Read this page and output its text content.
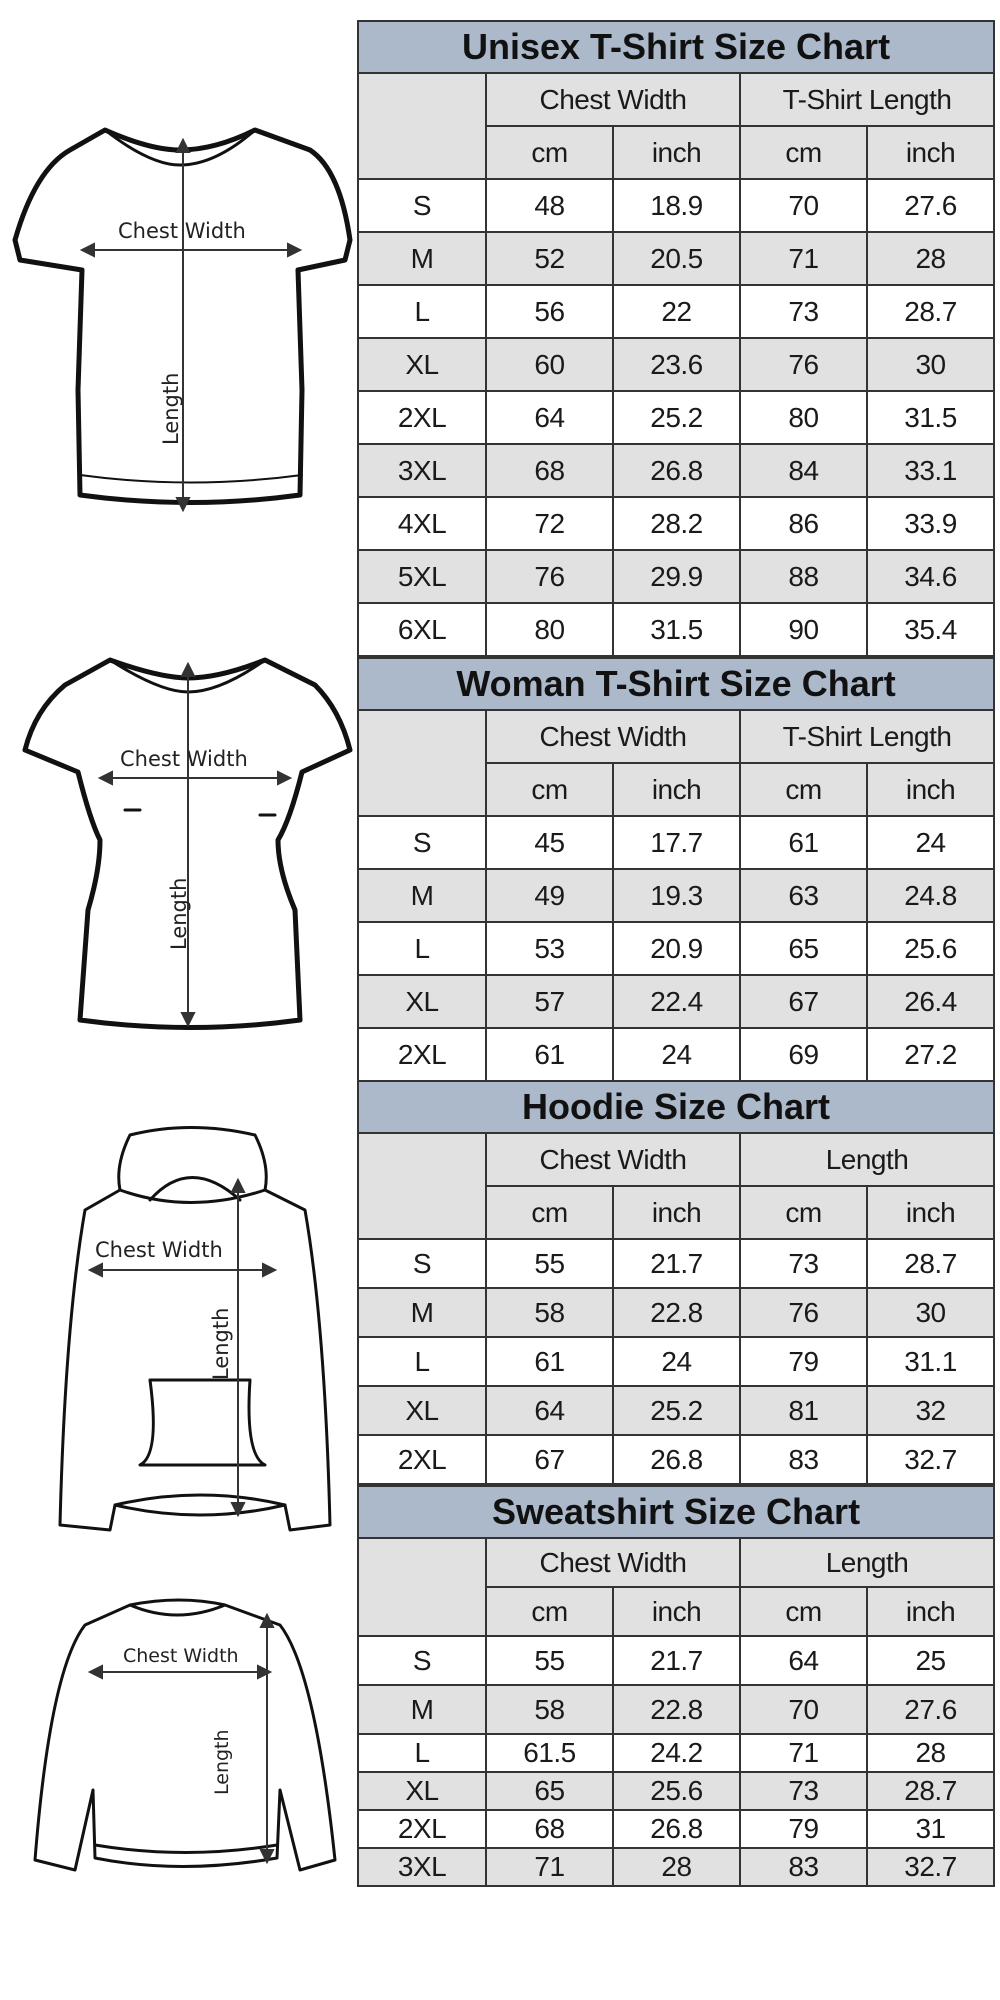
Chest Width
Length
Chest Width
Length
Chest Width
Length
Chest Width
Length
Unisex T-Shirt Size Chart				
	Chest Width		T-Shirt Length	
	cm	inch	cm	inch
S	48	18.9	70	27.6
M	52	20.5	71	28
L	56	22	73	28.7
XL	60	23.6	76	30
2XL	64	25.2	80	31.5
3XL	68	26.8	84	33.1
4XL	72	28.2	86	33.9
5XL	76	29.9	88	34.6
6XL	80	31.5	90	35.4
Woman T-Shirt Size Chart				
	Chest Width		T-Shirt Length	
	cm	inch	cm	inch
S	45	17.7	61	24
M	49	19.3	63	24.8
L	53	20.9	65	25.6
XL	57	22.4	67	26.4
2XL	61	24	69	27.2
Hoodie Size Chart				
	Chest Width		Length	
	cm	inch	cm	inch
S	55	21.7	73	28.7
M	58	22.8	76	30
L	61	24	79	31.1
XL	64	25.2	81	32
2XL	67	26.8	83	32.7
Sweatshirt Size Chart				
	Chest Width		Length	
	cm	inch	cm	inch
S	55	21.7	64	25
M	58	22.8	70	27.6
L	61.5	24.2	71	28
XL	65	25.6	73	28.7
2XL	68	26.8	79	31
3XL	71	28	83	32.7
